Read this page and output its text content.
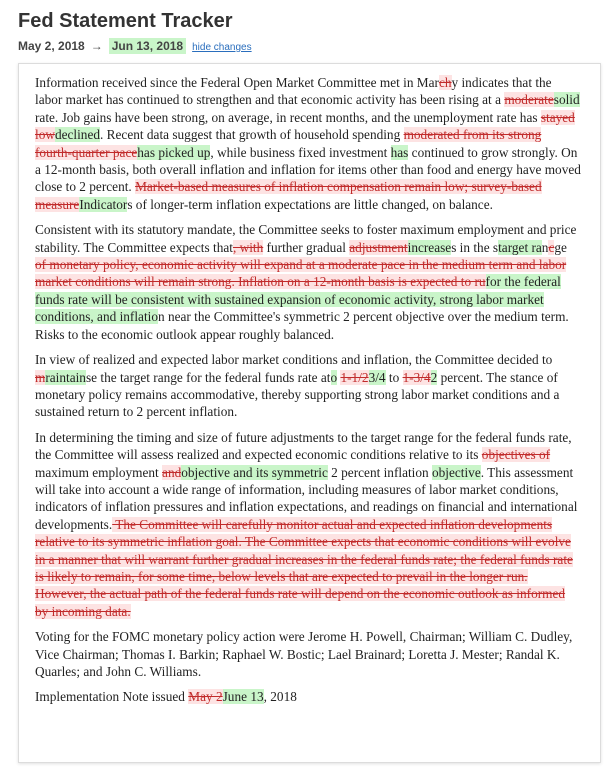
Fed Statement Tracker
May 2, 2018 → Jun 13, 2018 hide changes

Information received since the Federal Open Market Committee met in Marchy indicates that the labor market has continued to strengthen and that economic activity has been rising at a moderatesolid rate. Job gains have been strong, on average, in recent months, and the unemployment rate has stayed lowdeclined. Recent data suggest that growth of household spending moderated from its strong fourth-quarter pacehas picked up, while business fixed investment has continued to grow strongly. On a 12-month basis, both overall inflation and inflation for items other than food and energy have moved close to 2 percent. Market-based measures of inflation compensation remain low; survey-based measureIndicators of longer-term inflation expectations are little changed, on balance.

Consistent with its statutory mandate, the Committee seeks to foster maximum employment and price stability. The Committee expects that, with further gradual adjustmentincreases in the starget rancge of monetary policy, economic activity will expand at a moderate pace in the medium term and labor market conditions will remain strong. Inflation on a 12-month basis is expected to rufor the federal funds rate will be consistent with sustained expansion of economic activity, strong labor market conditions, and inflation near the Committee's symmetric 2 percent objective over the medium term. Risks to the economic outlook appear roughly balanced.

In view of realized and expected labor market conditions and inflation, the Committee decided to mraintainse the target range for the federal funds rate ato 1-1/23/4 to 1-3/42 percent. The stance of monetary policy remains accommodative, thereby supporting strong labor market conditions and a sustained return to 2 percent inflation.

In determining the timing and size of future adjustments to the target range for the federal funds rate, the Committee will assess realized and expected economic conditions relative to its objectives of maximum employment andobjective and its symmetric 2 percent inflation objective. This assessment will take into account a wide range of information, including measures of labor market conditions, indicators of inflation pressures and inflation expectations, and readings on financial and international developments. The Committee will carefully monitor actual and expected inflation developments relative to its symmetric inflation goal. The Committee expects that economic conditions will evolve in a manner that will warrant further gradual increases in the federal funds rate; the federal funds rate is likely to remain, for some time, below levels that are expected to prevail in the longer run. However, the actual path of the federal funds rate will depend on the economic outlook as informed by incoming data.

Voting for the FOMC monetary policy action were Jerome H. Powell, Chairman; William C. Dudley, Vice Chairman; Thomas I. Barkin; Raphael W. Bostic; Lael Brainard; Loretta J. Mester; Randal K. Quarles; and John C. Williams.

Implementation Note issued May 2June 13, 2018
